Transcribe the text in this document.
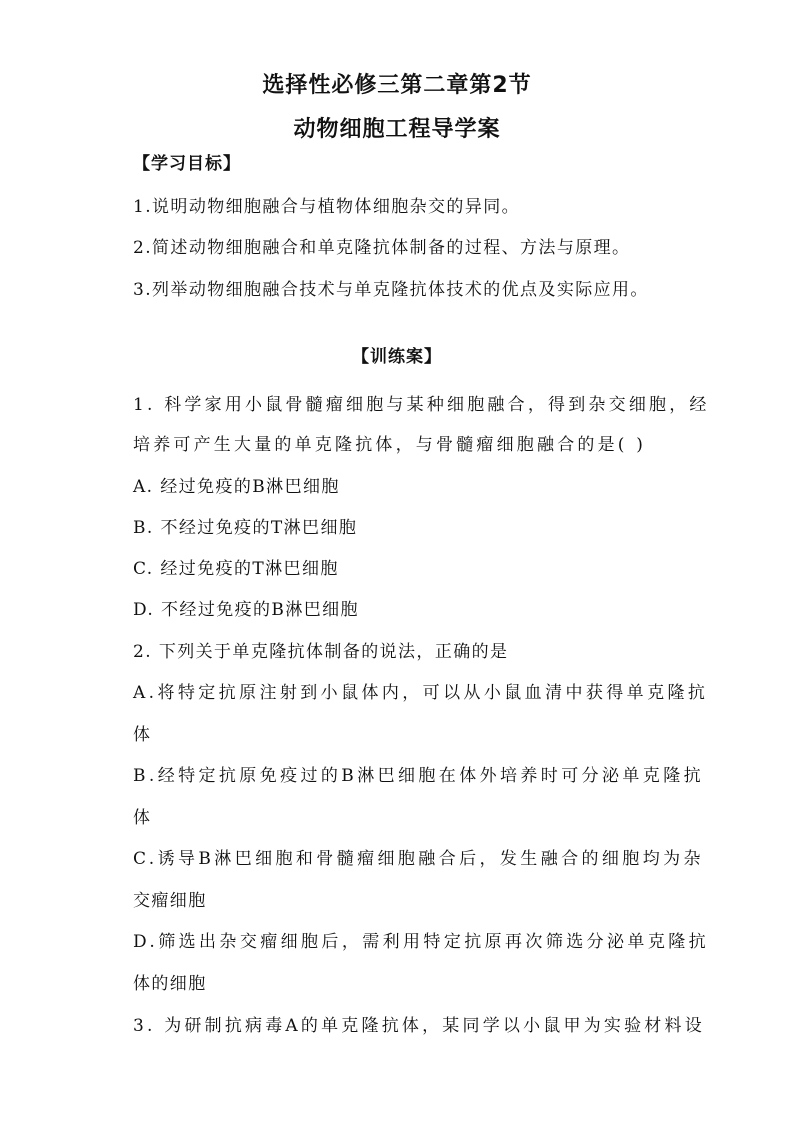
选择性必修三第二章第2节
动物细胞工程导学案
【学习目标】
1.说明动物细胞融合与植物体细胞杂交的异同。
2.简述动物细胞融合和单克隆抗体制备的过程、方法与原理。
3.列举动物细胞融合技术与单克隆抗体技术的优点及实际应用。
【训练案】
1. 科学家用小鼠骨髓瘤细胞与某种细胞融合，得到杂交细胞，经
培养可产生大量的单克隆抗体，与骨髓瘤细胞融合的是( )
A. 经过免疫的B淋巴细胞
B. 不经过免疫的T淋巴细胞
C. 经过免疫的T淋巴细胞
D. 不经过免疫的B淋巴细胞
2. 下列关于单克隆抗体制备的说法，正确的是
A.将特定抗原注射到小鼠体内，可以从小鼠血清中获得单克隆抗
体
B.经特定抗原免疫过的B淋巴细胞在体外培养时可分泌单克隆抗
体
C.诱导B淋巴细胞和骨髓瘤细胞融合后，发生融合的细胞均为杂
交瘤细胞
D.筛选出杂交瘤细胞后，需利用特定抗原再次筛选分泌单克隆抗
体的细胞
3. 为研制抗病毒A的单克隆抗体，某同学以小鼠甲为实验材料设
